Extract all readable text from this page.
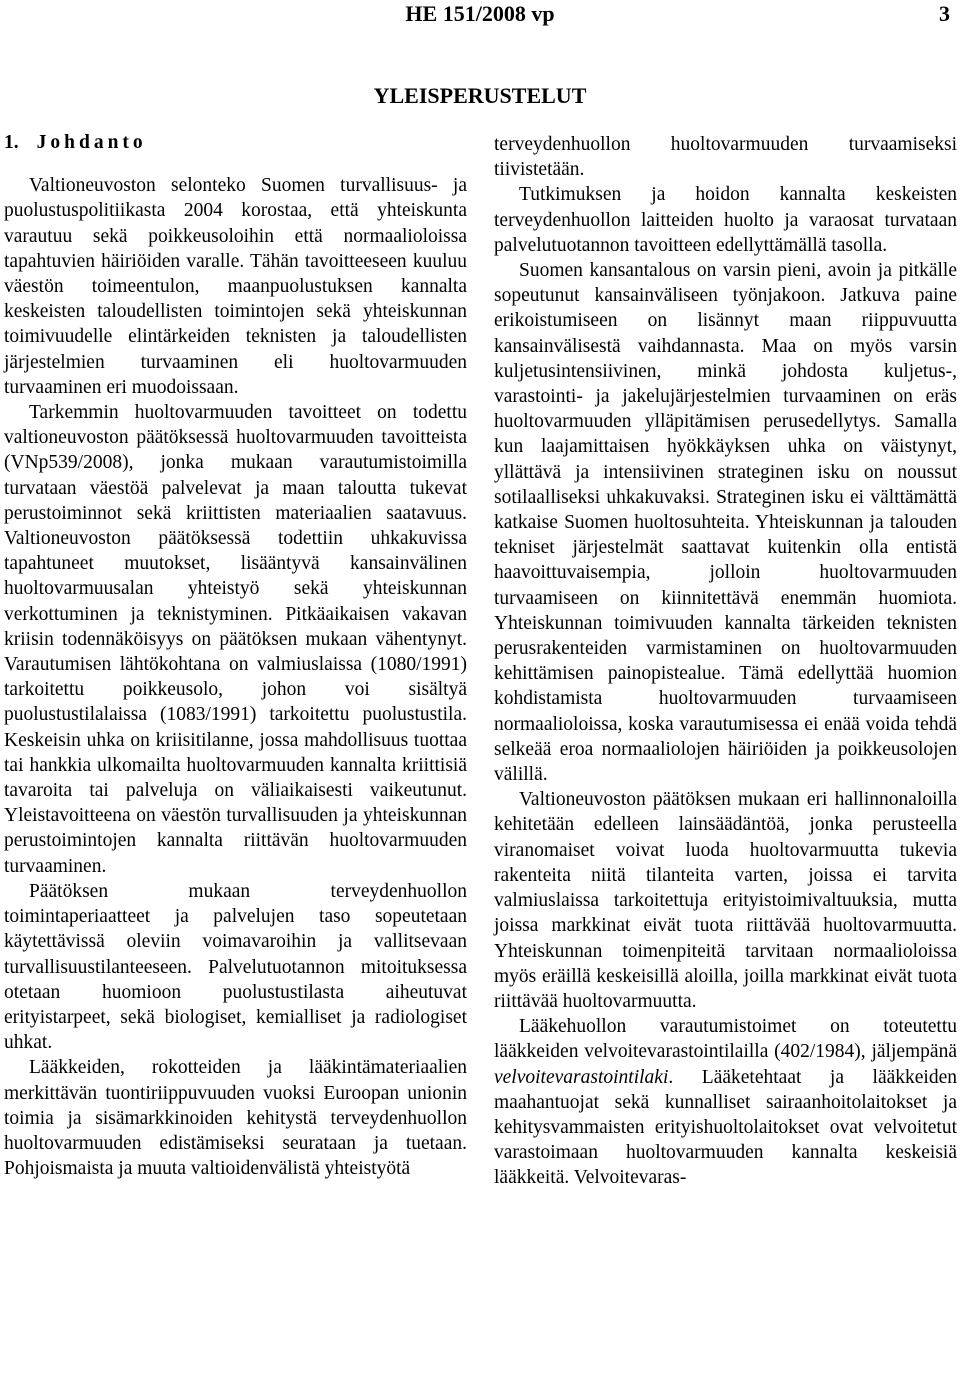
HE 151/2008 vp	3
YLEISPERUSTELUT
1. Johdanto

Valtioneuvoston selonteko Suomen turvallisuus- ja puolustuspolitiikasta 2004 korostaa, että yhteiskunta varautuu sekä poikkeusoloihin että normaalioloissa tapahtuvien häiriöiden varalle. Tähän tavoitteeseen kuuluu väestön toimeentulon, maanpuolustuksen kannalta keskeisten taloudellisten toimintojen sekä yhteiskunnan toimivuudelle elintärkeiden teknisten ja taloudellisten järjestelmien turvaaminen eli huoltovarmuuden turvaaminen eri muodoissaan.

Tarkemmin huoltovarmuuden tavoitteet on todettu valtioneuvoston päätöksessä huoltovarmuuden tavoitteista (VNp539/2008), jonka mukaan varautumistoimilla turvataan väestöä palvelevat ja maan taloutta tukevat perustoiminnot sekä kriittisten materiaalien saatavuus. Valtioneuvoston päätöksessä todettiin uhkakuvissa tapahtuneet muutokset, lisääntyvä kansainvälinen huoltovarmuusalan yhteistyö sekä yhteiskunnan verkottuminen ja teknistyminen. Pitkäaikaisen vakavan kriisin todennäköisyys on päätöksen mukaan vähentynyt. Varautumisen lähtökohtana on valmiuslaissa (1080/1991) tarkoitettu poikkeusolo, johon voi sisältyä puolustustilalaissa (1083/1991) tarkoitettu puolustustila. Keskeisin uhka on kriisitilanne, jossa mahdollisuus tuottaa tai hankkia ulkomailta huoltovarmuuden kannalta kriittisiä tavaroita tai palveluja on väliaikaisesti vaikeutunut. Yleistavoitteena on väestön turvallisuuden ja yhteiskunnan perustoimintojen kannalta riittävän huoltovarmuuden turvaaminen.

Päätöksen mukaan terveydenhuollon toimintaperiaatteet ja palvelujen taso sopeutetaan käytettävissä oleviin voimavaroihin ja vallitsevaan turvallisuustilanteeseen. Palvelutuotannon mitoituksessa otetaan huomioon puolustustilasta aiheutuvat erityistarpeet, sekä biologiset, kemialliset ja radiologiset uhkat.

Lääkkeiden, rokotteiden ja lääkintämateriaalien merkittävän tuontiriippuvuuden vuoksi Euroopan unionin toimia ja sisämarkkinoiden kehitystä terveydenhuollon huoltovarmuuden edistämiseksi seurataan ja tuetaan. Pohjoismaista ja muuta valtioidenvälistä yhteistyötä

terveydenhuollon huoltovarmuuden turvaamiseksi tiivistetään.

Tutkimuksen ja hoidon kannalta keskeisten terveydenhuollon laitteiden huolto ja varaosat turvataan palvelutuotannon tavoitteen edellyttämällä tasolla.

Suomen kansantalous on varsin pieni, avoin ja pitkälle sopeutunut kansainväliseen työnjakoon. Jatkuva paine erikoistumiseen on lisännyt maan riippuvuutta kansainvälisestä vaihdannasta. Maa on myös varsin kuljetusintensiivinen, minkä johdosta kuljetus-, varastointi- ja jakelujärjestelmien turvaaminen on eräs huoltovarmuuden ylläpitämisen perusedellytys. Samalla kun laajamittaisen hyökkäyksen uhka on väistynyt, yllättävä ja intensiivinen strateginen isku on noussut sotilaalliseksi uhkakuvaksi. Strateginen isku ei välttämättä katkaise Suomen huoltosuhteita. Yhteiskunnan ja talouden tekniset järjestelmät saattavat kuitenkin olla entistä haavoittuvaisempia, jolloin huoltovarmuuden turvaamiseen on kiinnitettävä enemmän huomiota. Yhteiskunnan toimivuuden kannalta tärkeiden teknisten perusrakenteiden varmistaminen on huoltovarmuuden kehittämisen painopistealue. Tämä edellyttää huomion kohdistamista huoltovarmuuden turvaamiseen normaalioloissa, koska varautumisessa ei enää voida tehdä selkeää eroa normaaliolojen häiriöiden ja poikkeusolojen välillä.

Valtioneuvoston päätöksen mukaan eri hallinnonaloilla kehitetään edelleen lainsäädäntöä, jonka perusteella viranomaiset voivat luoda huoltovarmuutta tukevia rakenteita niitä tilanteita varten, joissa ei tarvita valmiuslaissa tarkoitettuja erityistoimivaltuuksia, mutta joissa markkinat eivät tuota riittävää huoltovarmuutta. Yhteiskunnan toimenpiteitä tarvitaan normaalioloissa myös eräillä keskeisillä aloilla, joilla markkinat eivät tuota riittävää huoltovarmuutta.

Lääkehuollon varautumistoimet on toteutettu lääkkeiden velvoitevarastointilailla (402/1984), jäljempänä velvoitevarastointilaki. Lääketehtaat ja lääkkeiden maahantuojat sekä kunnalliset sairaanhoitolaitokset ja kehitysvammaisten erityishuoltolaitokset ovat velvoitetut varastoimaan huoltovarmuuden kannalta keskeisiä lääkkeitä. Velvoitevaras-
